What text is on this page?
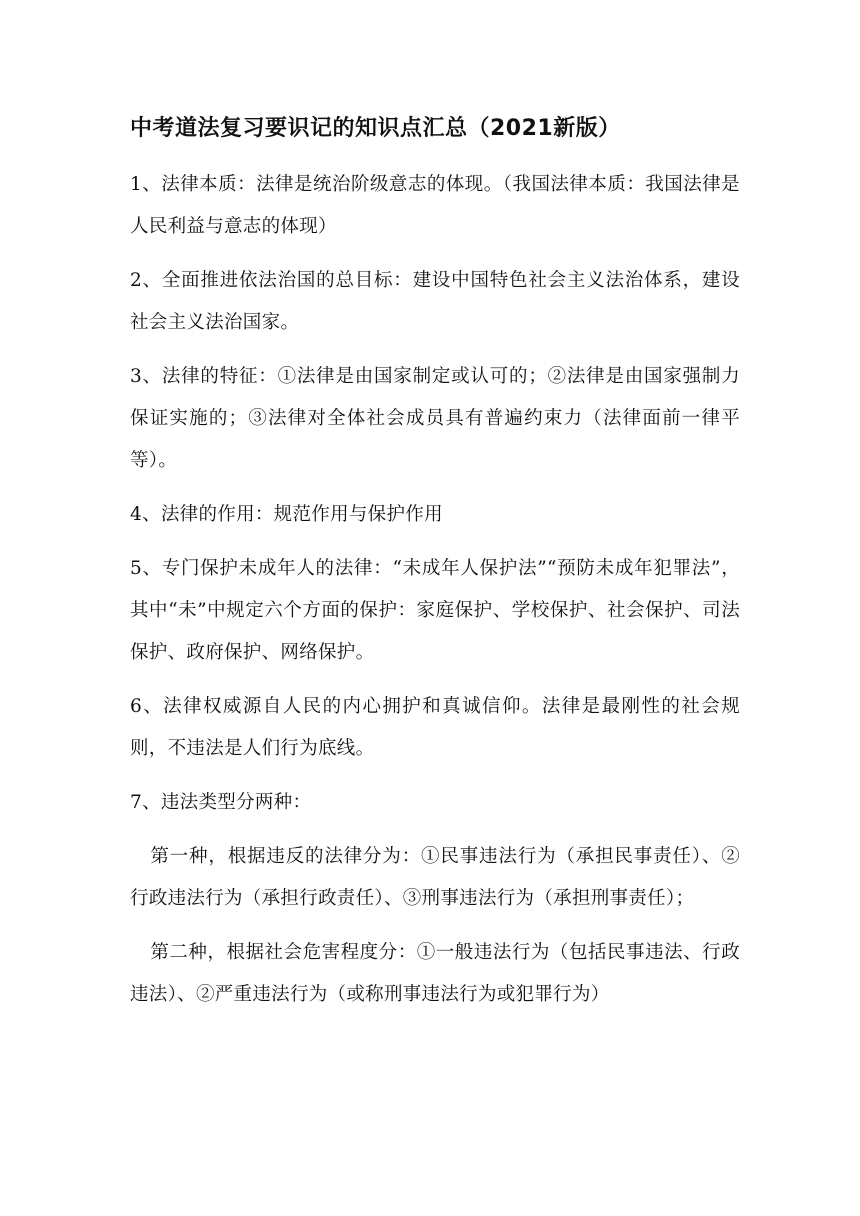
中考道法复习要识记的知识点汇总（2021新版）

1、法律本质：法律是统治阶级意志的体现。（我国法律本质：我国法律是人民利益与意志的体现）

2、全面推进依法治国的总目标：建设中国特色社会主义法治体系，建设社会主义法治国家。

3、法律的特征：①法律是由国家制定或认可的；②法律是由国家强制力保证实施的；③法律对全体社会成员具有普遍约束力（法律面前一律平等）。

4、法律的作用：规范作用与保护作用

5、专门保护未成年人的法律：“未成年人保护法”“预防未成年犯罪法”，其中“未”中规定六个方面的保护：家庭保护、学校保护、社会保护、司法保护、政府保护、网络保护。

6、法律权威源自人民的内心拥护和真诚信仰。法律是最刚性的社会规则，不违法是人们行为底线。

7、违法类型分两种：

第一种，根据违反的法律分为：①民事违法行为（承担民事责任）、②行政违法行为（承担行政责任）、③刑事违法行为（承担刑事责任）；

第二种，根据社会危害程度分：①一般违法行为（包括民事违法、行政违法）、②严重违法行为（或称刑事违法行为或犯罪行为）
